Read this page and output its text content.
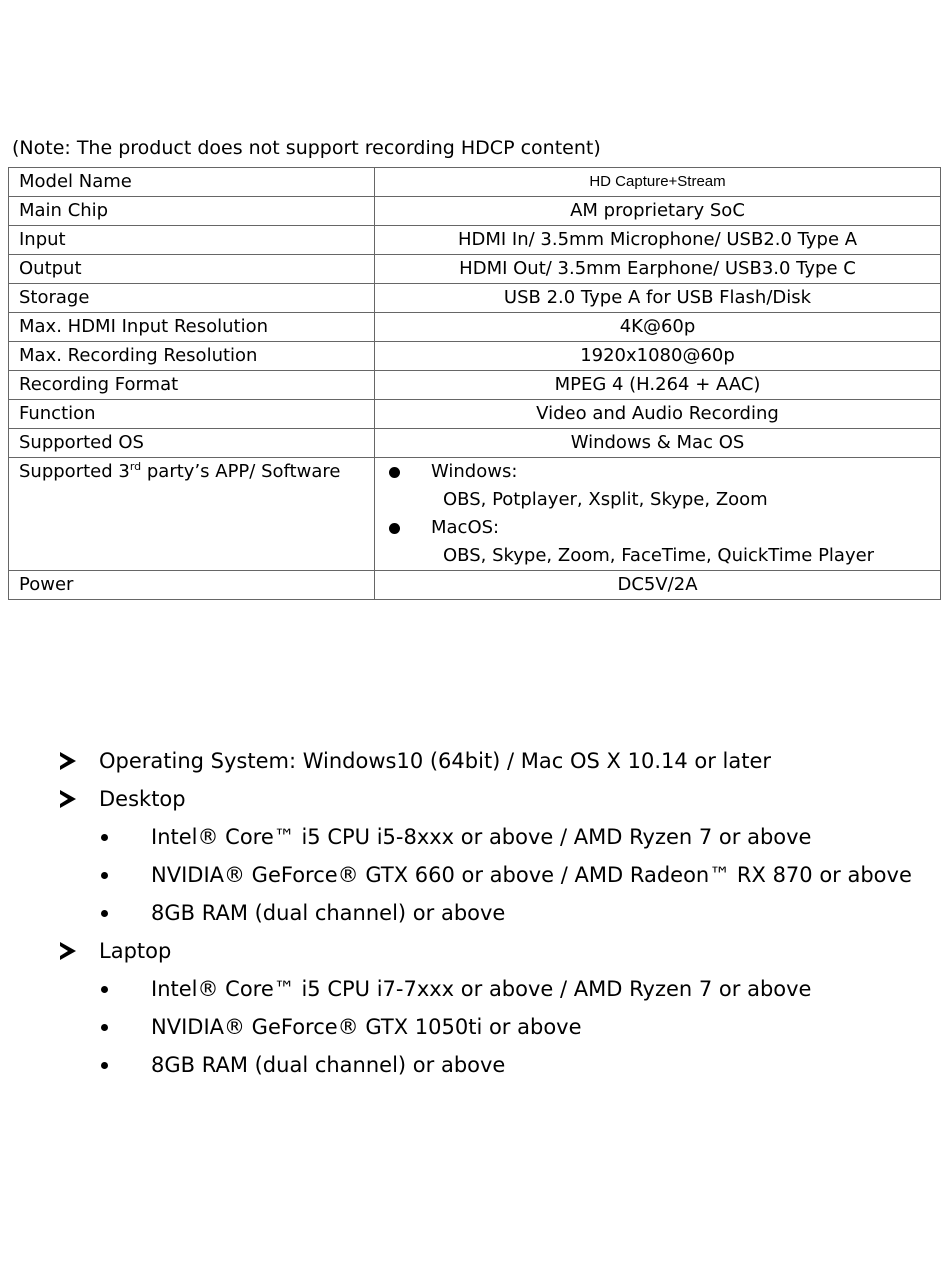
(Note: The product does not support recording HDCP content)
Model Name	HD Capture+Stream
Main Chip	AM proprietary SoC
Input	HDMI In/ 3.5mm Microphone/ USB2.0 Type A
Output	HDMI Out/ 3.5mm Earphone/ USB3.0 Type C
Storage	USB 2.0 Type A for USB Flash/Disk
Max. HDMI Input Resolution	4K@60p
Max. Recording Resolution	1920x1080@60p
Recording Format	MPEG 4 (H.264 + AAC)
Function	Video and Audio Recording
Supported OS	Windows & Mac OS
Supported 3rd party’s APP/ Software	Windows:
OBS, Potplayer, Xsplit, Skype, Zoom
MacOS:
OBS, Skype, Zoom, FaceTime, QuickTime Player

Power	DC5V/2A
Operating System: Windows10 (64bit) / Mac OS X 10.14 or later
Desktop
Intel® Core™ i5 CPU i5-8xxx or above / AMD Ryzen 7 or above
NVIDIA® GeForce® GTX 660 or above / AMD Radeon™ RX 870 or above
8GB RAM (dual channel) or above
Laptop
Intel® Core™ i5 CPU i7-7xxx or above / AMD Ryzen 7 or above
NVIDIA® GeForce® GTX 1050ti or above
8GB RAM (dual channel) or above
